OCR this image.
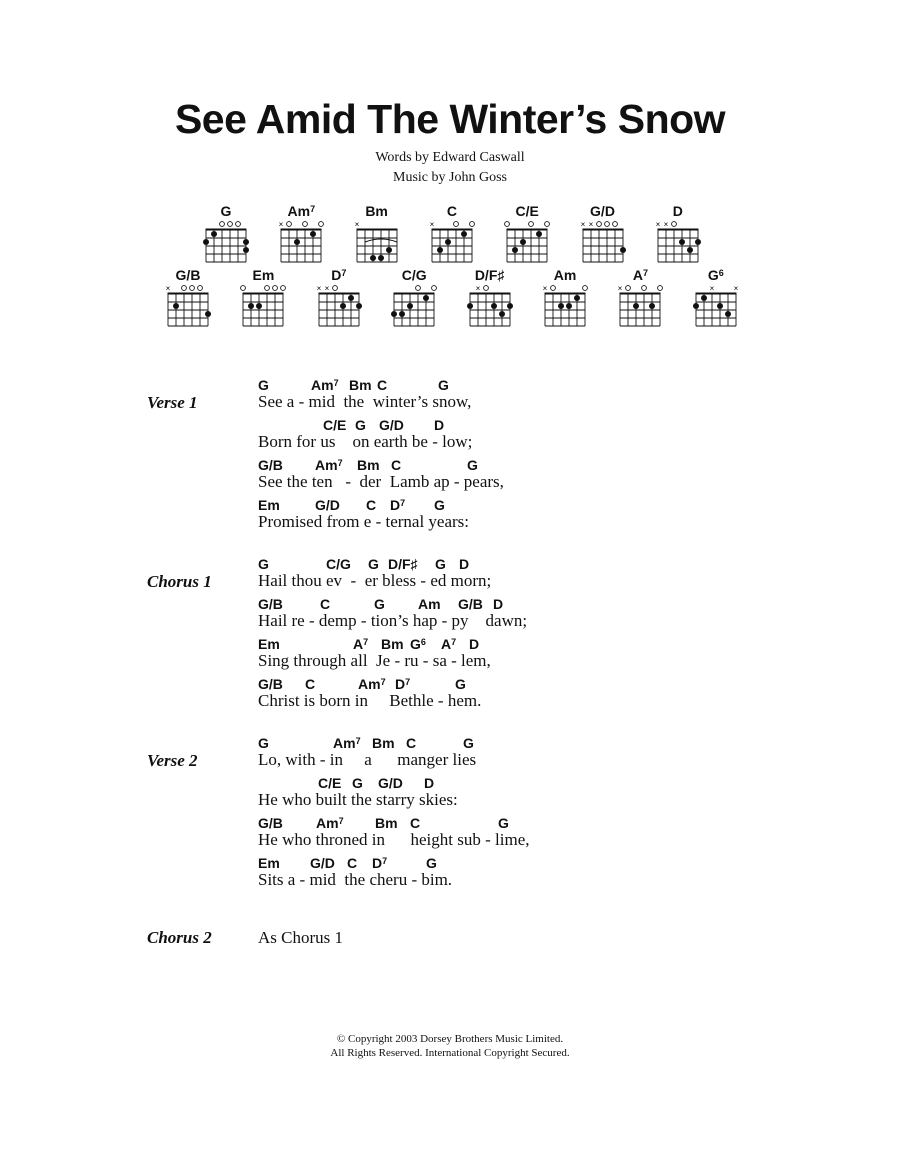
See Amid The Winter’s Snow
Words by Edward Caswall
Music by John Goss
G	$Am^7$
×
Bm
×
C
×
C/E	G/D
× ×
D
× ×
G/B
×
Em	$D^7$
× ×
C/G	D/F♯
×
Am
×
$A^7$
×
$G^6$
× ×
Verse 1
G	Am$^7$ Bm C	G
See a - mid  the  winter’s snow,
C/E G G/D D
Born for us    on earth be - low;
G/B Am$^7$ Bm C	G
See the ten   -  der  Lamb ap - pears,
Em	G/D C $D^7$ G
Promised from e - ternal years:
Chorus 1
G	C/G G D/F♯ G D
Hail thou ev  -  er bless - ed morn;
G/B	C	G Am G/B D
Hail re - demp - tion’s hap - py    dawn;
Em	$A^7$ Bm $G^6$ $A^7$ D
Sing through all  Je - ru - sa - lem,
G/B C	Am$^7$ $D^7$	G
Christ is born in     Bethle - hem.
Verse 2
G	Am$^7$ Bm C	G
Lo, with - in     a      manger lies
C/E G G/D D
He who built the starry skies:
G/B Am$^7$ Bm C	G
He who throned in      height sub - lime,
Em G/D C $D^7$	G
Sits a - mid  the cheru - bim.
Chorus 2	As Chorus 1
© Copyright 2003 Dorsey Brothers Music Limited.
All Rights Reserved. International Copyright Secured.
